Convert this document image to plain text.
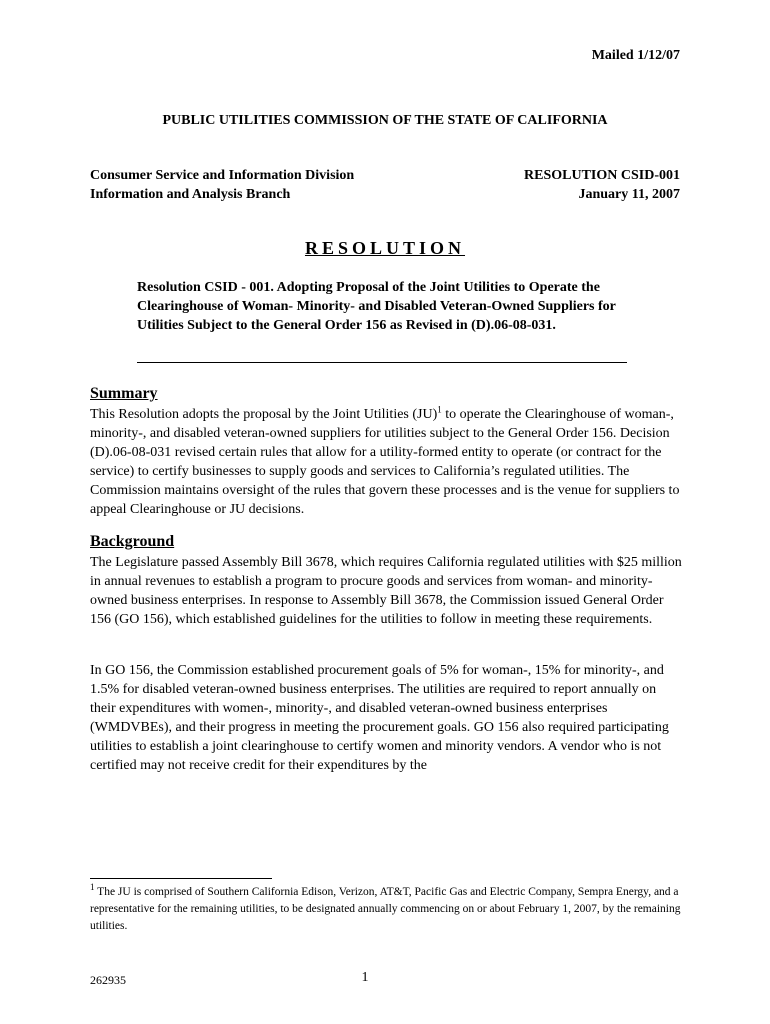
Mailed 1/12/07
PUBLIC UTILITIES COMMISSION OF THE STATE OF CALIFORNIA
Consumer Service and Information Division
Information and Analysis Branch
RESOLUTION CSID-001
January 11, 2007
RESOLUTION
Resolution CSID - 001. Adopting Proposal of the Joint Utilities to Operate the Clearinghouse of Woman- Minority- and Disabled Veteran-Owned Suppliers for Utilities Subject to the General Order 156 as Revised in (D).06-08-031.
Summary

This Resolution adopts the proposal by the Joint Utilities (JU)$^1$ to operate the Clearinghouse of woman-, minority-, and disabled veteran-owned suppliers for utilities subject to the General Order 156. Decision (D).06-08-031 revised certain rules that allow for a utility-formed entity to operate (or contract for the service) to certify businesses to supply goods and services to California’s regulated utilities. The Commission maintains oversight of the rules that govern these processes and is the venue for suppliers to appeal Clearinghouse or JU decisions.

Background

The Legislature passed Assembly Bill 3678, which requires California regulated utilities with $25 million in annual revenues to establish a program to procure goods and services from woman- and minority-owned business enterprises. In response to Assembly Bill 3678, the Commission issued General Order 156 (GO 156), which established guidelines for the utilities to follow in meeting these requirements.

In GO 156, the Commission established procurement goals of 5% for woman-, 15% for minority-, and 1.5% for disabled veteran-owned business enterprises. The utilities are required to report annually on their expenditures with women-, minority-, and disabled veteran-owned business enterprises (WMDVBEs), and their progress in meeting the procurement goals. GO 156 also required participating utilities to establish a joint clearinghouse to certify women and minority vendors. A vendor who is not certified may not receive credit for their expenditures by the

$^1$ The JU is comprised of Southern California Edison, Verizon, AT&T, Pacific Gas and Electric Company, Sempra Energy, and a representative for the remaining utilities, to be designated annually commencing on or about February 1, 2007, by the remaining utilities.
262935	1
